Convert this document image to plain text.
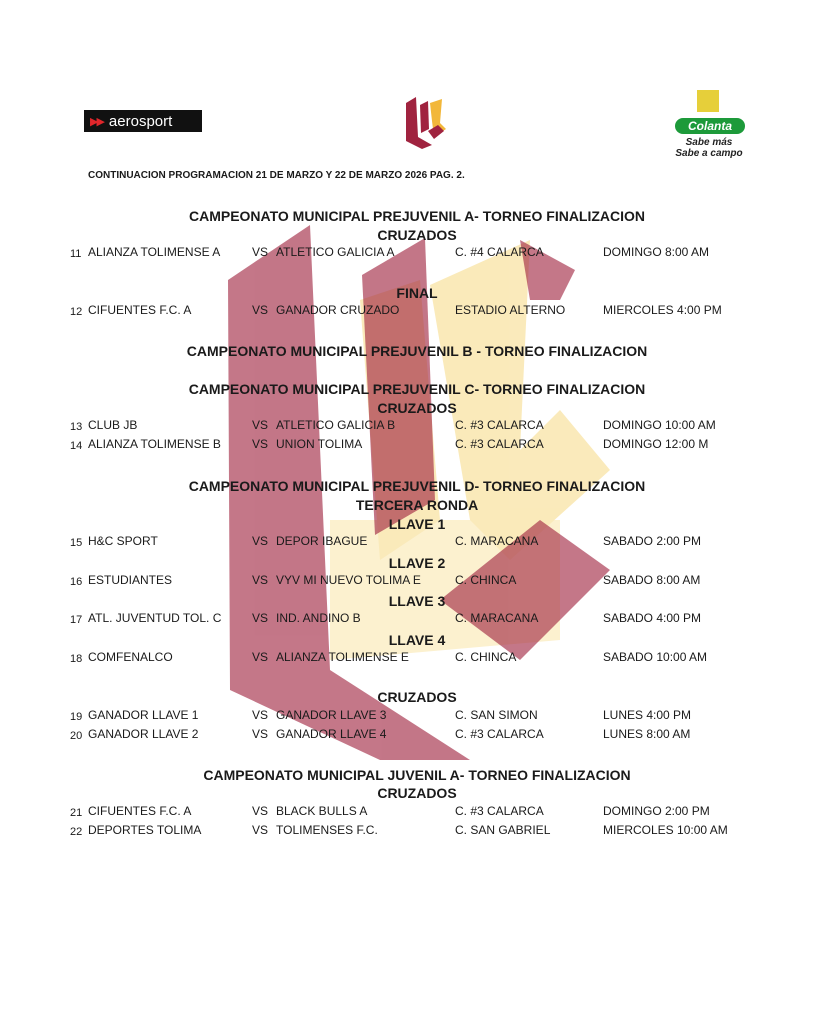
▶▶ aerosport	Colanta
Sabe más
Sabe a campo
CONTINUACION PROGRAMACION 21 DE MARZO Y 22 DE MARZO 2026 PAG. 2.
CAMPEONATO MUNICIPAL PREJUVENIL A- TORNEO FINALIZACION
CRUZADOS
11 ALIANZA TOLIMENSE A	VS ATLETICO GALICIA A	C. #4 CALARCA	DOMINGO 8:00 AM
FINAL
12 CIFUENTES F.C. A	VS GANADOR CRUZADO	ESTADIO ALTERNO	MIERCOLES 4:00 PM
CAMPEONATO MUNICIPAL PREJUVENIL B - TORNEO FINALIZACION
CAMPEONATO MUNICIPAL PREJUVENIL C- TORNEO FINALIZACION
CRUZADOS
13 CLUB JB	VS ATLETICO GALICIA B	C. #3 CALARCA	DOMINGO 10:00 AM
14 ALIANZA TOLIMENSE B	VS UNION TOLIMA	C. #3 CALARCA	DOMINGO 12:00 M
CAMPEONATO MUNICIPAL PREJUVENIL D- TORNEO FINALIZACION
TERCERA RONDA
LLAVE 1
15 H&C SPORT	VS DEPOR IBAGUE	C. MARACANA	SABADO 2:00 PM
LLAVE 2
16 ESTUDIANTES	VS VYV MI NUEVO TOLIMA E	C. CHINCA	SABADO 8:00 AM
LLAVE 3
17 ATL. JUVENTUD TOL. C	VS IND. ANDINO B	C. MARACANA	SABADO 4:00 PM
LLAVE 4
18 COMFENALCO	VS ALIANZA TOLIMENSE E	C. CHINCA	SABADO 10:00 AM
CRUZADOS
19 GANADOR LLAVE 1	VS GANADOR LLAVE 3	C. SAN SIMON	LUNES 4:00 PM
20 GANADOR LLAVE 2	VS GANADOR LLAVE 4	C. #3 CALARCA	LUNES 8:00 AM
CAMPEONATO MUNICIPAL JUVENIL A- TORNEO FINALIZACION
CRUZADOS
21 CIFUENTES F.C. A	VS BLACK BULLS A	C. #3 CALARCA	DOMINGO 2:00 PM
22 DEPORTES TOLIMA	VS TOLIMENSES F.C.	C. SAN GABRIEL	MIERCOLES 10:00 AM
